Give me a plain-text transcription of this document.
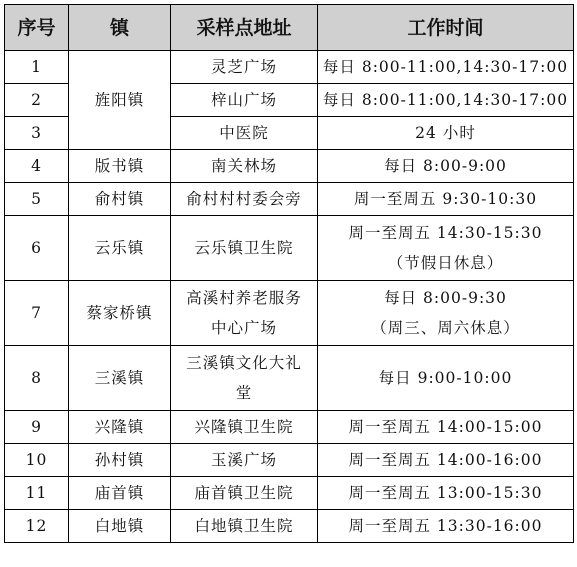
序号	镇	采样点地址	工作时间
1	旌阳镇	灵芝广场	每日 8:00-11:00,14:30-17:00

2		梓山广场	每日 8:00-11:00,14:30-17:00

3		中医院	24 小时

4	版书镇	南关林场	每日 8:00-9:00

5	俞村镇	俞村村村委会旁	周一至周五 9:30-10:30

6	云乐镇	云乐镇卫生院	周一至周五 14:30-15:30
（节假日休息）

7	蔡家桥镇	高溪村养老服务
中心广场	每日 8:00-9:30
（周三、周六休息）

8	三溪镇	三溪镇文化大礼
堂	每日 9:00-10:00

9	兴隆镇	兴隆镇卫生院	周一至周五 14:00-15:00

10	孙村镇	玉溪广场	周一至周五 14:00-16:00

11	庙首镇	庙首镇卫生院	周一至周五 13:00-15:30

12	白地镇	白地镇卫生院	周一至周五 13:30-16:00
